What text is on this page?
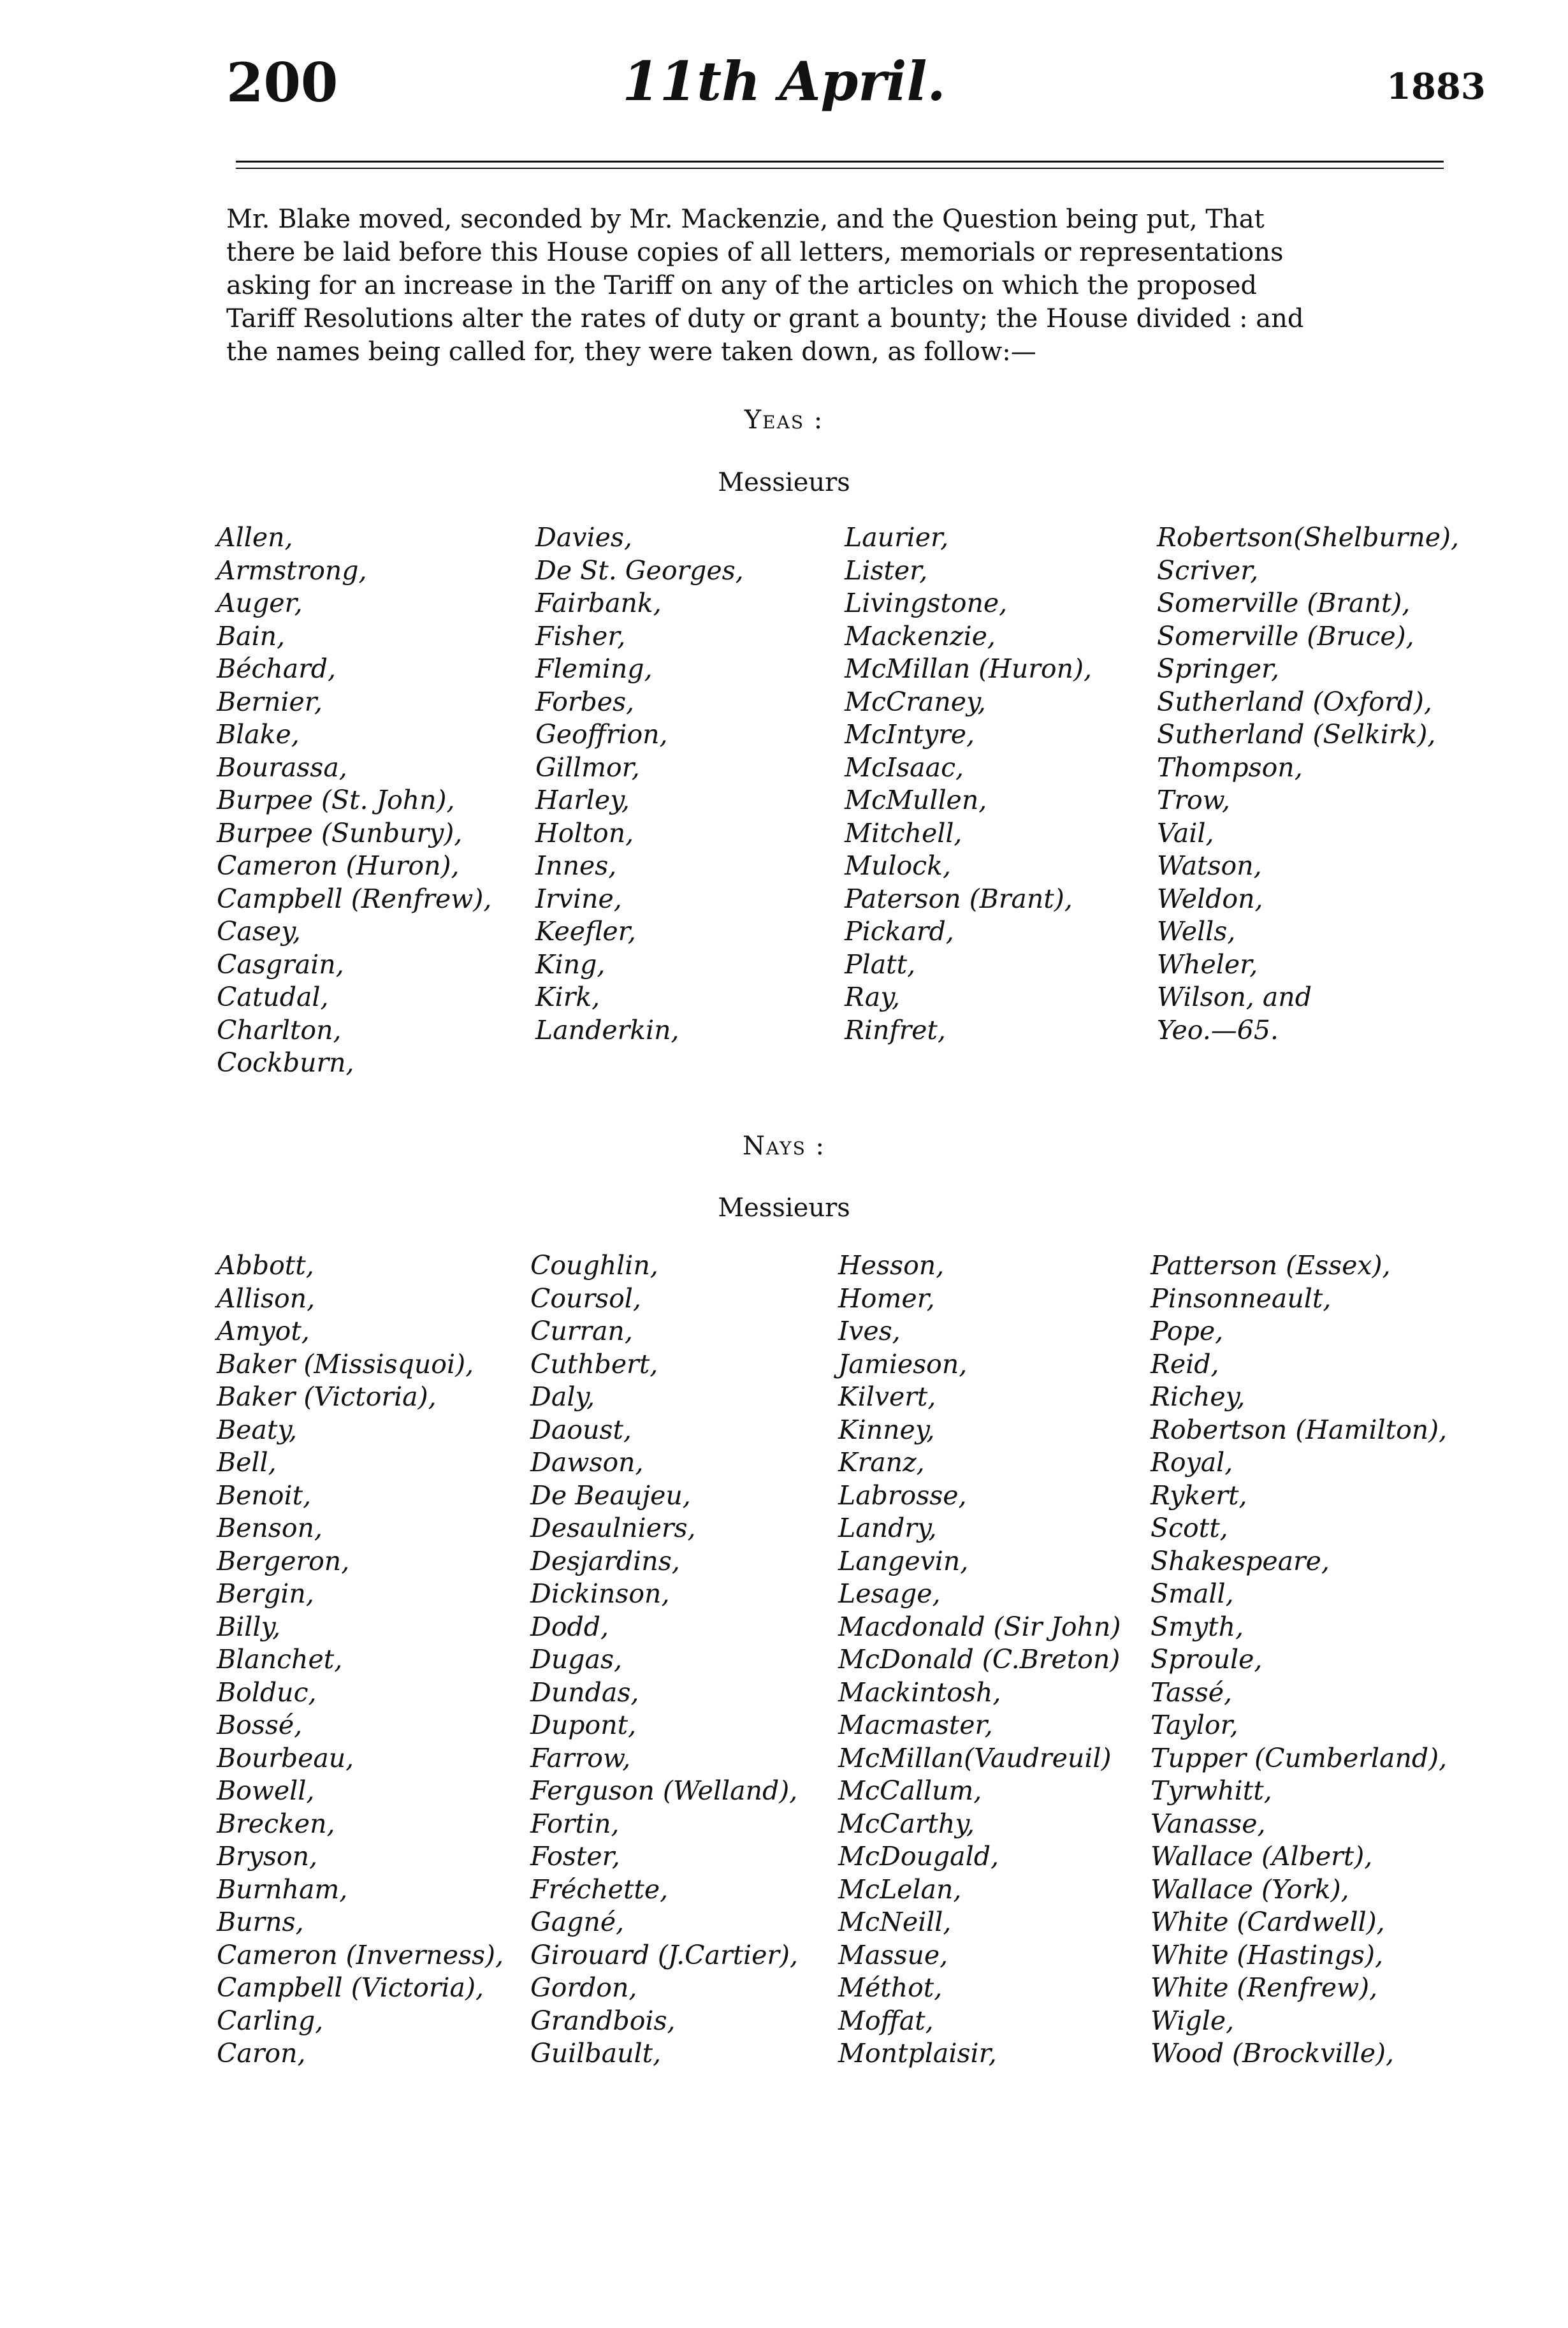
200	11th April.	1883
Mr. Blake moved, seconded by Mr. Mackenzie, and the Question being put, That
there be laid before this House copies of all letters, memorials or representations
asking for an increase in the Tariff on any of the articles on which the proposed
Tariff Resolutions alter the rates of duty or grant a bounty; the House divided : and
the names being called for, they were taken down, as follow:—
Yeas :
Messieurs
Allen,
Armstrong,
Auger,
Bain,
Béchard,
Bernier,
Blake,
Bourassa,
Burpee (St. John),
Burpee (Sunbury),
Cameron (Huron),
Campbell (Renfrew),
Casey,
Casgrain,
Catudal,
Charlton,
Cockburn,
Davies,
De St. Georges,
Fairbank,
Fisher,
Fleming,
Forbes,
Geoffrion,
Gillmor,
Harley,
Holton,
Innes,
Irvine,
Keefler,
King,
Kirk,
Landerkin,
Laurier,
Lister,
Livingstone,
Mackenzie,
McMillan (Huron),
McCraney,
McIntyre,
McIsaac,
McMullen,
Mitchell,
Mulock,
Paterson (Brant),
Pickard,
Platt,
Ray,
Rinfret,
Robertson(Shelburne),
Scriver,
Somerville (Brant),
Somerville (Bruce),
Springer,
Sutherland (Oxford),
Sutherland (Selkirk),
Thompson,
Trow,
Vail,
Watson,
Weldon,
Wells,
Wheler,
Wilson, and
Yeo.—65.
Nays :
Messieurs
Abbott,
Allison,
Amyot,
Baker (Missisquoi),
Baker (Victoria),
Beaty,
Bell,
Benoit,
Benson,
Bergeron,
Bergin,
Billy,
Blanchet,
Bolduc,
Bossé,
Bourbeau,
Bowell,
Brecken,
Bryson,
Burnham,
Burns,
Cameron (Inverness),
Campbell (Victoria),
Carling,
Caron,
Coughlin,
Coursol,
Curran,
Cuthbert,
Daly,
Daoust,
Dawson,
De Beaujeu,
Desaulniers,
Desjardins,
Dickinson,
Dodd,
Dugas,
Dundas,
Dupont,
Farrow,
Ferguson (Welland),
Fortin,
Foster,
Fréchette,
Gagné,
Girouard (J.Cartier),
Gordon,
Grandbois,
Guilbault,
Hesson,
Homer,
Ives,
Jamieson,
Kilvert,
Kinney,
Kranz,
Labrosse,
Landry,
Langevin,
Lesage,
Macdonald (Sir John)
McDonald (C.Breton)
Mackintosh,
Macmaster,
McMillan(Vaudreuil)
McCallum,
McCarthy,
McDougald,
McLelan,
McNeill,
Massue,
Méthot,
Moffat,
Montplaisir,
Patterson (Essex),
Pinsonneault,
Pope,
Reid,
Richey,
Robertson (Hamilton),
Royal,
Rykert,
Scott,
Shakespeare,
Small,
Smyth,
Sproule,
Tassé,
Taylor,
Tupper (Cumberland),
Tyrwhitt,
Vanasse,
Wallace (Albert),
Wallace (York),
White (Cardwell),
White (Hastings),
White (Renfrew),
Wigle,
Wood (Brockville),
